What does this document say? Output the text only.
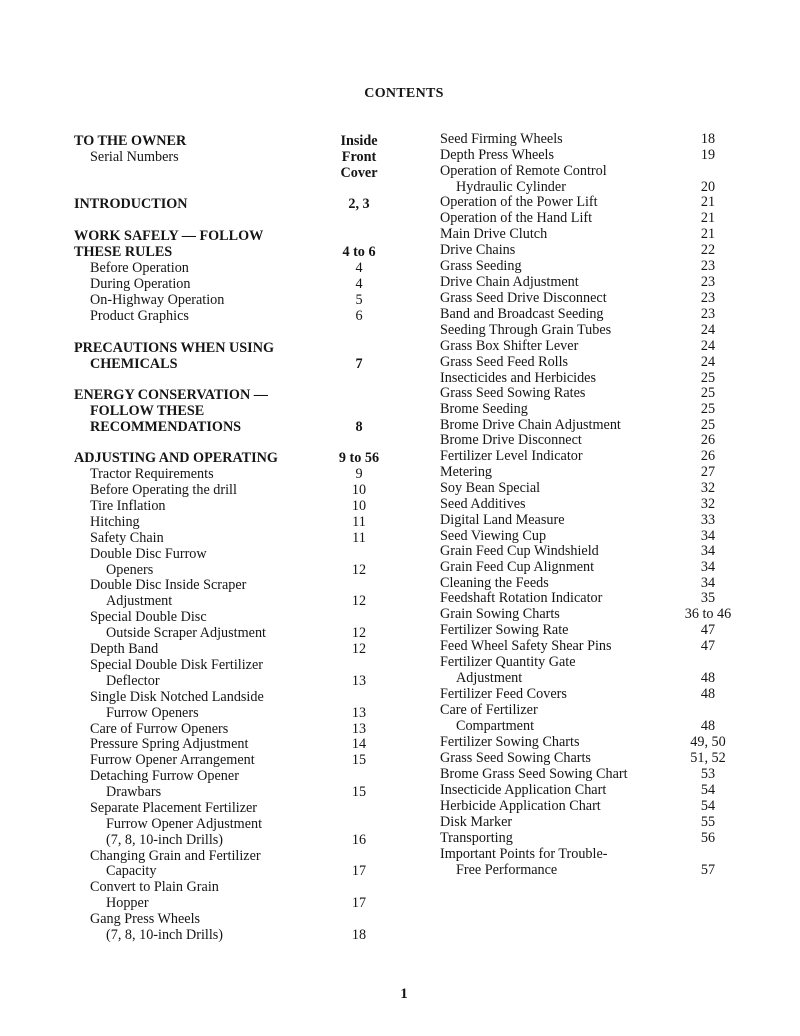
CONTENTS
TO THE OWNER	Inside
Serial Numbers	Front
Cover
INTRODUCTION	2, 3
WORK SAFELY — FOLLOW
THESE RULES	4 to 6
Before Operation	4
During Operation	4
On-Highway Operation	5
Product Graphics	6
PRECAUTIONS WHEN USING
CHEMICALS	7
ENERGY CONSERVATION —
FOLLOW THESE
RECOMMENDATIONS	8
ADJUSTING AND OPERATING	9 to 56
Tractor Requirements	9
Before Operating the drill	10
Tire Inflation	10
Hitching	11
Safety Chain	11
Double Disc Furrow
Openers	12
Double Disc Inside Scraper
Adjustment	12
Special Double Disc
Outside Scraper Adjustment	12
Depth Band	12
Special Double Disk Fertilizer
Deflector	13
Single Disk Notched Landside
Furrow Openers	13
Care of Furrow Openers	13
Pressure Spring Adjustment	14
Furrow Opener Arrangement	15
Detaching Furrow Opener
Drawbars	15
Separate Placement Fertilizer
Furrow Opener Adjustment
(7, 8, 10-inch Drills)	16
Changing Grain and Fertilizer
Capacity	17
Convert to Plain Grain
Hopper	17
Gang Press Wheels
(7, 8, 10-inch Drills)	18
Seed Firming Wheels	18
Depth Press Wheels	19
Operation of Remote Control
Hydraulic Cylinder	20
Operation of the Power Lift	21
Operation of the Hand Lift	21
Main Drive Clutch	21
Drive Chains	22
Grass Seeding	23
Drive Chain Adjustment	23
Grass Seed Drive Disconnect	23
Band and Broadcast Seeding	23
Seeding Through Grain Tubes	24
Grass Box Shifter Lever	24
Grass Seed Feed Rolls	24
Insecticides and Herbicides	25
Grass Seed Sowing Rates	25
Brome Seeding	25
Brome Drive Chain Adjustment	25
Brome Drive Disconnect	26
Fertilizer Level Indicator	26
Metering	27
Soy Bean Special	32
Seed Additives	32
Digital Land Measure	33
Seed Viewing Cup	34
Grain Feed Cup Windshield	34
Grain Feed Cup Alignment	34
Cleaning the Feeds	34
Feedshaft Rotation Indicator	35
Grain Sowing Charts	36 to 46
Fertilizer Sowing Rate	47
Feed Wheel Safety Shear Pins	47
Fertilizer Quantity Gate
Adjustment	48
Fertilizer Feed Covers	48
Care of Fertilizer
Compartment	48
Fertilizer Sowing Charts	49, 50
Grass Seed Sowing Charts	51, 52
Brome Grass Seed Sowing Chart	53
Insecticide Application Chart	54
Herbicide Application Chart	54
Disk Marker	55
Transporting	56
Important Points for Trouble-
Free Performance	57
1
